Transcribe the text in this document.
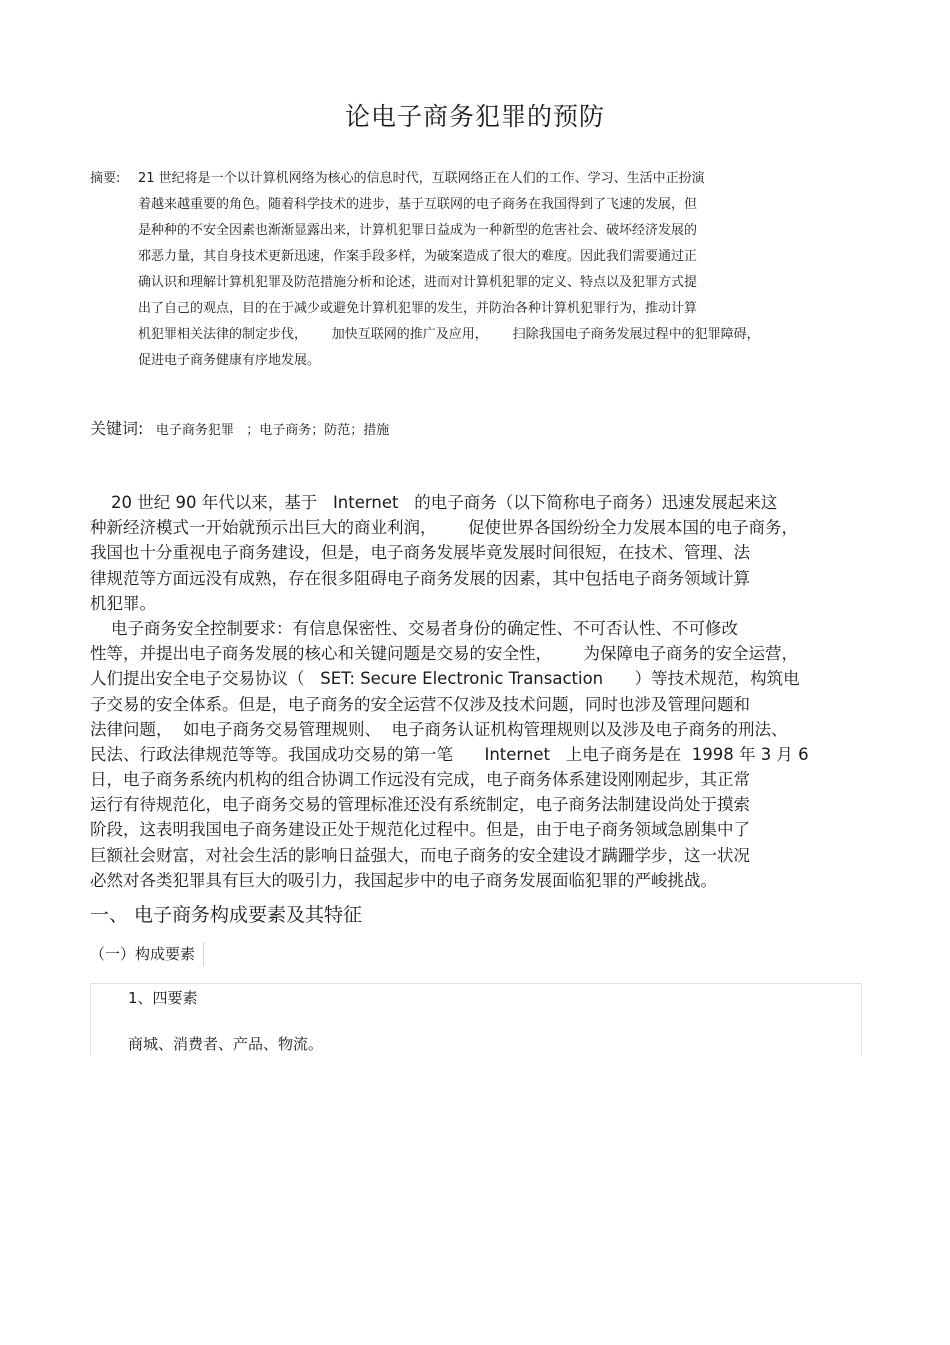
论电子商务犯罪的预防
摘要: 21 世纪将是一个以计算机网络为核心的信息时代，互联网络正在人们的工作、学习、生活中正扮演
着越来越重要的角色。随着科学技术的进步，基于互联网的电子商务在我国得到了飞速的发展，但
是种种的不安全因素也渐渐显露出来，计算机犯罪日益成为一种新型的危害社会、破坏经济发展的
邪恶力量，其自身技术更新迅速，作案手段多样，为破案造成了很大的难度。因此我们需要通过正
确认识和理解计算机犯罪及防范措施分析和论述，进而对计算机犯罪的定义、特点以及犯罪方式提
出了自己的观点，目的在于减少或避免计算机犯罪的发生，并防治各种计算机犯罪行为，推动计算
机犯罪相关法律的制定步伐，      加快互联网的推广及应用，      扫除我国电子商务发展过程中的犯罪障碍，
促进电子商务健康有序地发展。
关键词: 电子商务犯罪   ；电子商务；防范；措施
20 世纪 90 年代以来，基于   Internet   的电子商务（以下简称电子商务）迅速发展起来这
种新经济模式一开始就预示出巨大的商业利润，      促使世界各国纷纷全力发展本国的电子商务，
我国也十分重视电子商务建设，但是，电子商务发展毕竟发展时间很短，在技术、管理、法
律规范等方面远没有成熟，存在很多阻碍电子商务发展的因素，其中包括电子商务领域计算
机犯罪。
电子商务安全控制要求：有信息保密性、交易者身份的确定性、不可否认性、不可修改
性等，并提出电子商务发展的核心和关键问题是交易的安全性，      为保障电子商务的安全运营，
人们提出安全电子交易协议（   SET: Secure Electronic Transaction      ）等技术规范，构筑电
子交易的安全体系。但是，电子商务的安全运营不仅涉及技术问题，同时也涉及管理问题和
法律问题，  如电子商务交易管理规则、  电子商务认证机构管理规则以及涉及电子商务的刑法、
民法、行政法律规范等等。我国成功交易的第一笔      Internet   上电子商务是在  1998 年 3 月 6
日，电子商务系统内机构的组合协调工作远没有完成，电子商务体系建设刚刚起步，其正常
运行有待规范化，电子商务交易的管理标准还没有系统制定，电子商务法制建设尚处于摸索
阶段，这表明我国电子商务建设正处于规范化过程中。但是，由于电子商务领域急剧集中了
巨额社会财富，对社会生活的影响日益强大，而电子商务的安全建设才蹒跚学步，这一状况
必然对各类犯罪具有巨大的吸引力，我国起步中的电子商务发展面临犯罪的严峻挑战。
一、 电子商务构成要素及其特征
（一）构成要素
1、四要素
商城、消费者、产品、物流。
